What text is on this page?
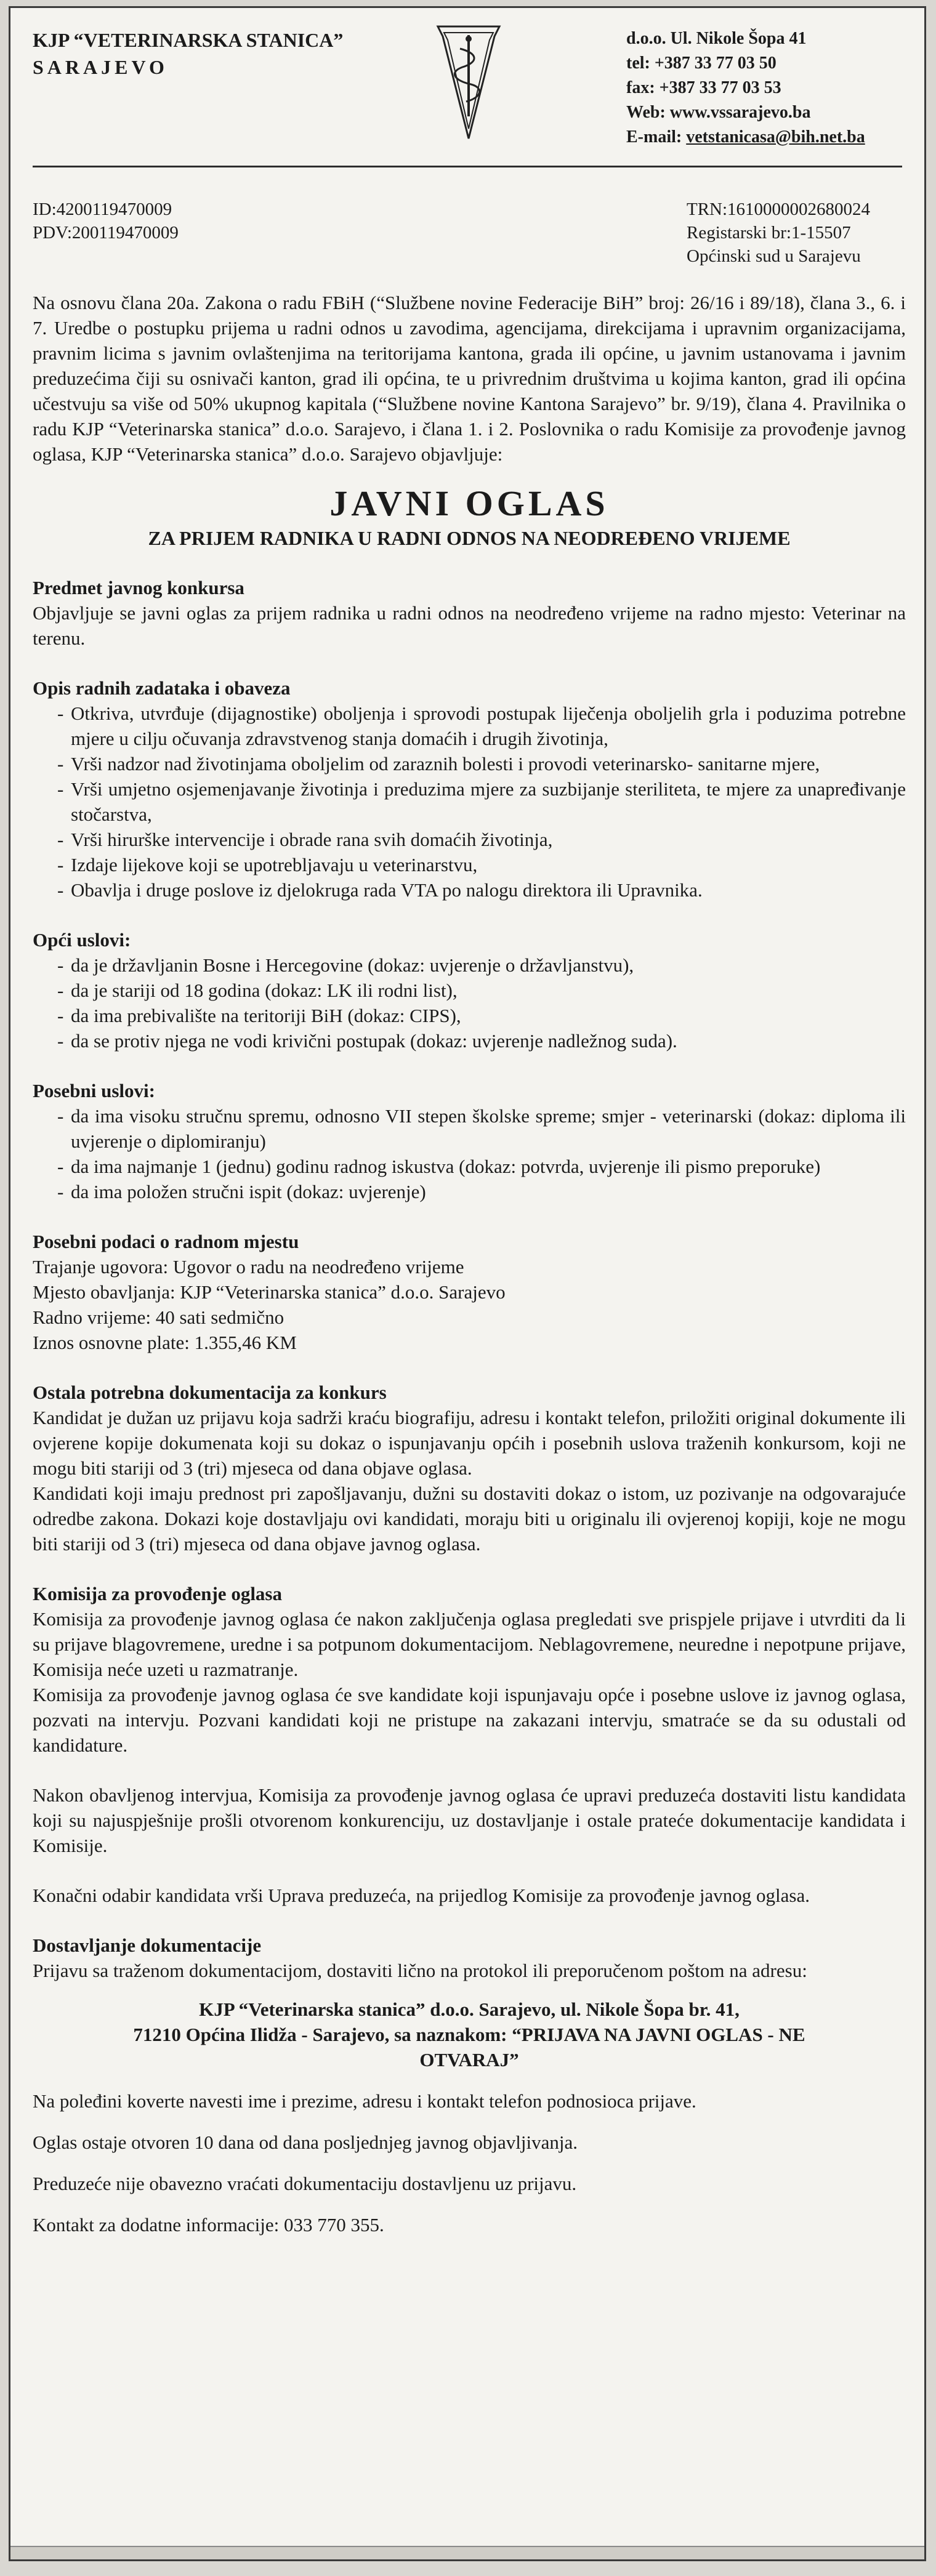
KJP “VETERINARSKA STANICA”
SARAJEVO
d.o.o. Ul. Nikole Šopa 41
tel: +387 33 77 03 50
fax: +387 33 77 03 53
Web: www.vssarajevo.ba
E-mail: vetstanicasa@bih.net.ba
ID:4200119470009
PDV:200119470009
TRN:1610000002680024
Registarski br:1-15507
Općinski sud u Sarajevu

Na osnovu člana 20a. Zakona o radu FBiH (“Službene novine Federacije BiH” broj: 26/16 i 89/18), člana 3., 6. i 7. Uredbe o postupku prijema u radni odnos u zavodima, agencijama, direkcijama i upravnim organizacijama, pravnim licima s javnim ovlaštenjima na teritorijama kantona, grada ili općine, u javnim ustanovama i javnim preduzećima čiji su osnivači kanton, grad ili općina, te u privrednim društvima u kojima kanton, grad ili općina učestvuju sa više od 50% ukupnog kapitala (“Službene novine Kantona Sarajevo” br. 9/19), člana 4. Pravilnika o radu KJP “Veterinarska stanica” d.o.o. Sarajevo, i člana 1. i 2. Poslovnika o radu Komisije za provođenje javnog oglasa, KJP “Veterinarska stanica” d.o.o. Sarajevo objavljuje:

JAVNI OGLAS
ZA PRIJEM RADNIKA U RADNI ODNOS NA NEODREĐENO VRIJEME
Predmet javnog konkursa

Objavljuje se javni oglas za prijem radnika u radni odnos na neodređeno vrijeme na radno mjesto: Veterinar na terenu.

Opis radnih zadataka i obaveza
- Otkriva, utvrđuje (dijagnostike) oboljenja i sprovodi postupak liječenja oboljelih grla i poduzima potrebne mjere u cilju očuvanja zdravstvenog stanja domaćih i drugih životinja,
- Vrši nadzor nad životinjama oboljelim od zaraznih bolesti i provodi veterinarsko- sanitarne mjere,
- Vrši umjetno osjemenjavanje životinja i preduzima mjere za suzbijanje steriliteta, te mjere za unapređivanje stočarstva,
- Vrši hirurške intervencije i obrade rana svih domaćih životinja,
- Izdaje lijekove koji se upotrebljavaju u veterinarstvu,
- Obavlja i druge poslove iz djelokruga rada VTA po nalogu direktora ili Upravnika.
Opći uslovi:
- da je državljanin Bosne i Hercegovine (dokaz: uvjerenje o državljanstvu),
- da je stariji od 18 godina (dokaz: LK ili rodni list),
- da ima prebivalište na teritoriji BiH (dokaz: CIPS),
- da se protiv njega ne vodi krivični postupak (dokaz: uvjerenje nadležnog suda).
Posebni uslovi:
- da ima visoku stručnu spremu, odnosno VII stepen školske spreme; smjer - veterinarski (dokaz: diploma ili uvjerenje o diplomiranju)
- da ima najmanje 1 (jednu) godinu radnog iskustva (dokaz: potvrda, uvjerenje ili pismo preporuke)
- da ima položen stručni ispit (dokaz: uvjerenje)
Posebni podaci o radnom mjestu
Trajanje ugovora: Ugovor o radu na neodređeno vrijeme
Mjesto obavljanja: KJP “Veterinarska stanica” d.o.o. Sarajevo
Radno vrijeme: 40 sati sedmično
Iznos osnovne plate: 1.355,46 KM
Ostala potrebna dokumentacija za konkurs

Kandidat je dužan uz prijavu koja sadrži kraću biografiju, adresu i kontakt telefon, priložiti original dokumente ili ovjerene kopije dokumenata koji su dokaz o ispunjavanju općih i posebnih uslova traženih konkursom, koji ne mogu biti stariji od 3 (tri) mjeseca od dana objave oglasa.

Kandidati koji imaju prednost pri zapošljavanju, dužni su dostaviti dokaz o istom, uz pozivanje na odgovarajuće odredbe zakona. Dokazi koje dostavljaju ovi kandidati, moraju biti u originalu ili ovjerenoj kopiji, koje ne mogu biti stariji od 3 (tri) mjeseca od dana objave javnog oglasa.

Komisija za provođenje oglasa

Komisija za provođenje javnog oglasa će nakon zaključenja oglasa pregledati sve prispjele prijave i utvrditi da li su prijave blagovremene, uredne i sa potpunom dokumentacijom. Neblagovremene, neuredne i nepotpune prijave, Komisija neće uzeti u razmatranje.

Komisija za provođenje javnog oglasa će sve kandidate koji ispunjavaju opće i posebne uslove iz javnog oglasa, pozvati na intervju. Pozvani kandidati koji ne pristupe na zakazani intervju, smatraće se da su odustali od kandidature.

Nakon obavljenog intervjua, Komisija za provođenje javnog oglasa će upravi preduzeća dostaviti listu kandidata koji su najuspješnije prošli otvorenom konkurenciju, uz dostavljanje i ostale prateće dokumentacije kandidata i Komisije.

Konačni odabir kandidata vrši Uprava preduzeća, na prijedlog Komisije za provođenje javnog oglasa.

Dostavljanje dokumentacije

Prijavu sa traženom dokumentacijom, dostaviti lično na protokol ili preporučenom poštom na adresu:

KJP “Veterinarska stanica” d.o.o. Sarajevo, ul. Nikole Šopa br. 41,
71210 Općina Ilidža - Sarajevo, sa naznakom: “PRIJAVA NA JAVNI OGLAS - NE OTVARAJ”

Na poleđini koverte navesti ime i prezime, adresu i kontakt telefon podnosioca prijave.

Oglas ostaje otvoren 10 dana od dana posljednjeg javnog objavljivanja.

Preduzeće nije obavezno vraćati dokumentaciju dostavljenu uz prijavu.

Kontakt za dodatne informacije: 033 770 355.
